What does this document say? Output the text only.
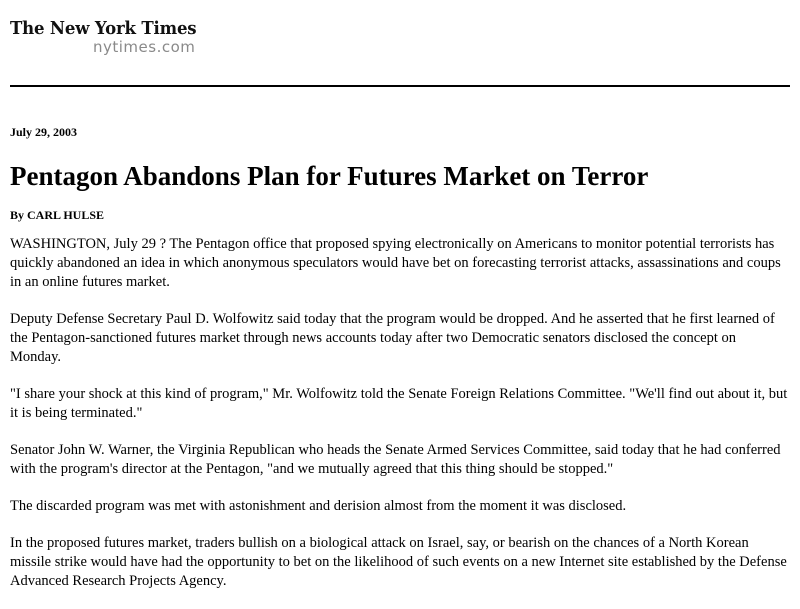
The New York Times
nytimes.com

July 29, 2003

Pentagon Abandons Plan for Futures Market on Terror

By CARL HULSE

WASHINGTON, July 29 ? The Pentagon office that proposed spying electronically on Americans to monitor potential terrorists has quickly abandoned an idea in which anonymous speculators would have bet on forecasting terrorist attacks, assassinations and coups in an online futures market.

Deputy Defense Secretary Paul D. Wolfowitz said today that the program would be dropped. And he asserted that he first learned of the Pentagon-sanctioned futures market through news accounts today after two Democratic senators disclosed the concept on Monday.

"I share your shock at this kind of program," Mr. Wolfowitz told the Senate Foreign Relations Committee. "We'll find out about it, but it is being terminated."

Senator John W. Warner, the Virginia Republican who heads the Senate Armed Services Committee, said today that he had conferred with the program's director at the Pentagon, "and we mutually agreed that this thing should be stopped."

The discarded program was met with astonishment and derision almost from the moment it was disclosed.

In the proposed futures market, traders bullish on a biological attack on Israel, say, or bearish on the chances of a North Korean missile strike would have had the opportunity to bet on the likelihood of such events on a new Internet site established by the Defense Advanced Research Projects Agency.
